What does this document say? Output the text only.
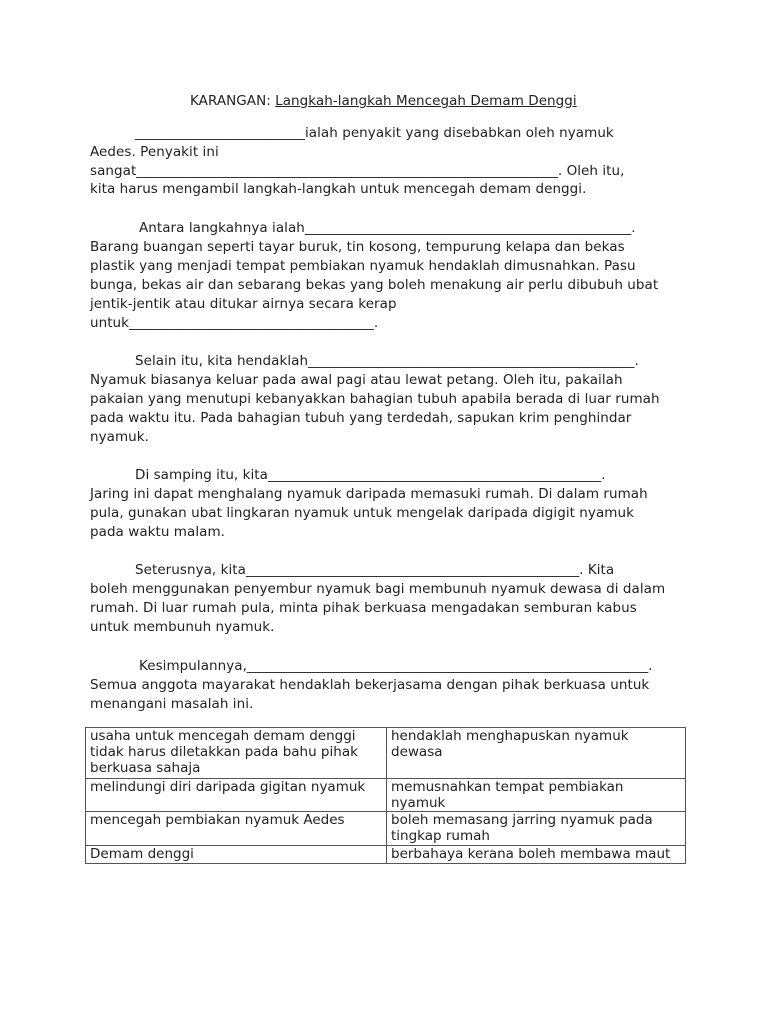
KARANGAN: Langkah-langkah Mencegah Demam Denggi
_________________________ialah penyakit yang disebabkan oleh nyamuk
Aedes. Penyakit ini
sangat______________________________________________________________. Oleh itu,
kita harus mengambil langkah-langkah untuk mencegah demam denggi.
Antara langkahnya ialah________________________________________________.
Barang buangan seperti tayar buruk, tin kosong, tempurung kelapa dan bekas
plastik yang menjadi tempat pembiakan nyamuk hendaklah dimusnahkan. Pasu
bunga, bekas air dan sebarang bekas yang boleh menakung air perlu dibubuh ubat
jentik-jentik atau ditukar airnya secara kerap
untuk____________________________________.
Selain itu, kita hendaklah________________________________________________.
Nyamuk biasanya keluar pada awal pagi atau lewat petang. Oleh itu, pakailah
pakaian yang menutupi kebanyakkan bahagian tubuh apabila berada di luar rumah
pada waktu itu. Pada bahagian tubuh yang terdedah, sapukan krim penghindar
nyamuk.
Di samping itu, kita_________________________________________________.
Jaring ini dapat menghalang nyamuk daripada memasuki rumah. Di dalam rumah
pula, gunakan ubat lingkaran nyamuk untuk mengelak daripada digigit nyamuk
pada waktu malam.
Seterusnya, kita_________________________________________________. Kita
boleh menggunakan penyembur nyamuk bagi membunuh nyamuk dewasa di dalam
rumah. Di luar rumah pula, minta pihak berkuasa mengadakan semburan kabus
untuk membunuh nyamuk.
Kesimpulannya,___________________________________________________________.
Semua anggota mayarakat hendaklah bekerjasama dengan pihak berkuasa untuk
menangani masalah ini.
usaha untuk mencegah demam denggi tidak harus diletakkan pada bahu pihak berkuasa sahaja	hendaklah menghapuskan nyamuk dewasa
melindungi diri daripada gigitan nyamuk	memusnahkan tempat pembiakan nyamuk
mencegah pembiakan nyamuk Aedes	boleh memasang jarring nyamuk pada tingkap rumah
Demam denggi	berbahaya kerana boleh membawa maut
